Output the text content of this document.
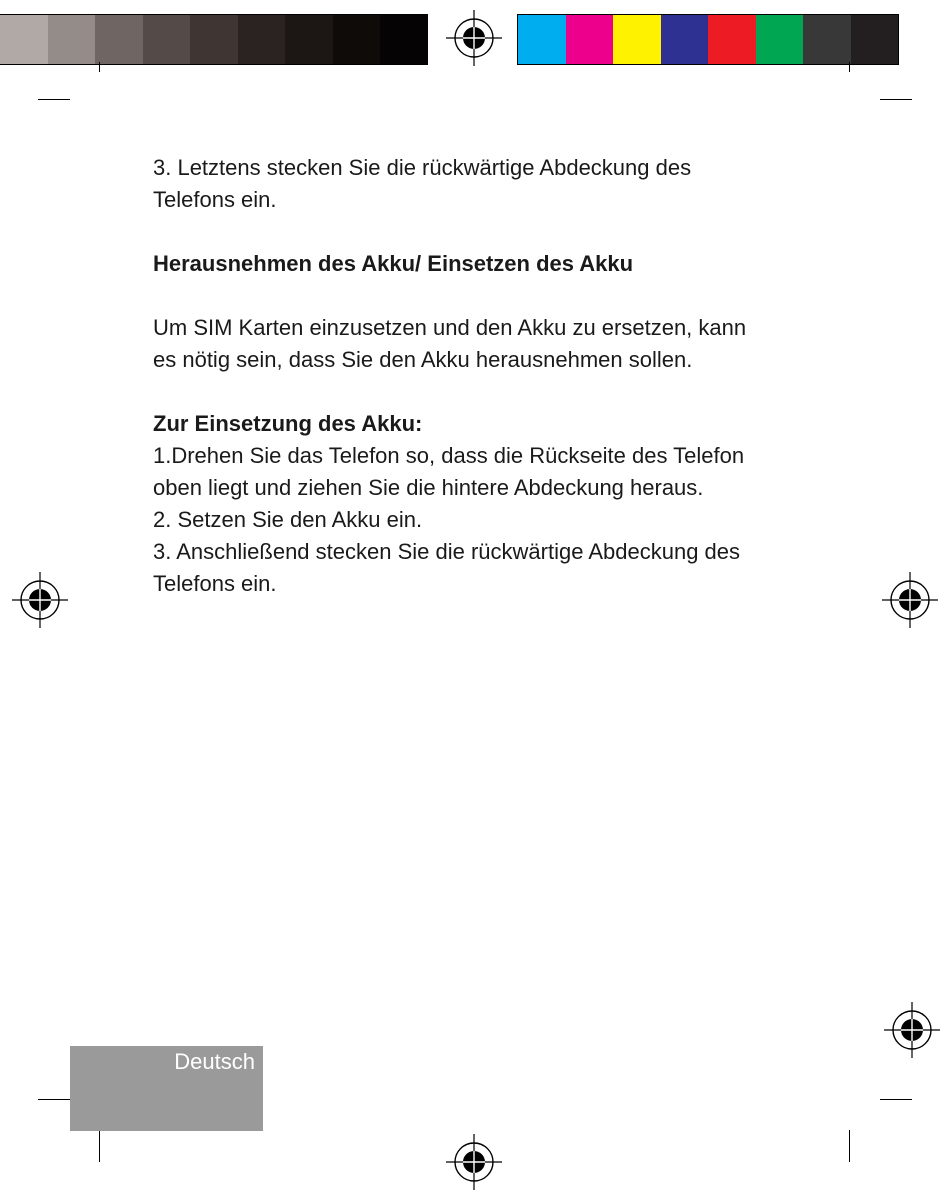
3. Letztens stecken Sie die rückwärtige Abdeckung des

Telefons ein.

Herausnehmen des Akku/ Einsetzen des Akku

Um SIM Karten einzusetzen und den Akku zu ersetzen, kann

es nötig sein, dass Sie den Akku herausnehmen sollen.

Zur Einsetzung des Akku:

1.Drehen Sie das Telefon so, dass die Rückseite des Telefon

oben liegt und ziehen Sie die hintere Abdeckung heraus.

2. Setzen Sie den Akku ein.

3. Anschließend stecken Sie die rückwärtige Abdeckung des

Telefons ein.

Deutsch
